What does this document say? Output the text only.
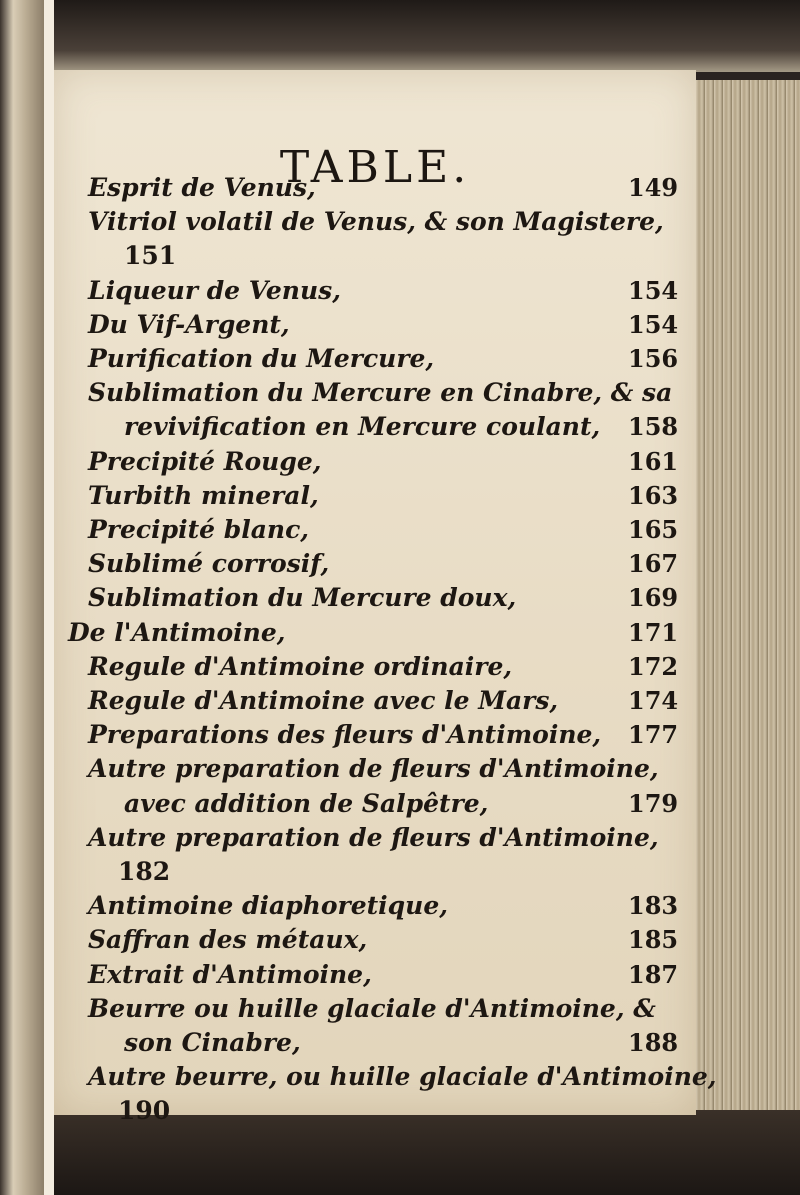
TABLE.
Esprit de Venus,	149
Vitriol volatil de Venus, & son Magistere,
151
Liqueur de Venus,	154
Du Vif-Argent,	154
Purification du Mercure,	156
Sublimation du Mercure en Cinabre, & sa
revivification en Mercure coulant, 158
Precipité Rouge,	161
Turbith mineral,	163
Precipité blanc,	165
Sublimé corrosif,	167
Sublimation du Mercure doux,	169
De l'Antimoine,	171
Regule d'Antimoine ordinaire,	172
Regule d'Antimoine avec le Mars,	174
Preparations des fleurs d'Antimoine, 177
Autre preparation de fleurs d'Antimoine,
avec addition de Salpêtre,	179
Autre preparation de fleurs d'Antimoine,
182
Antimoine diaphoretique,	183
Saffran des métaux,	185
Extrait d'Antimoine,	187
Beurre ou huille glaciale d'Antimoine, &
son Cinabre,	188
Autre beurre, ou huille glaciale d'Antimoine,
190
